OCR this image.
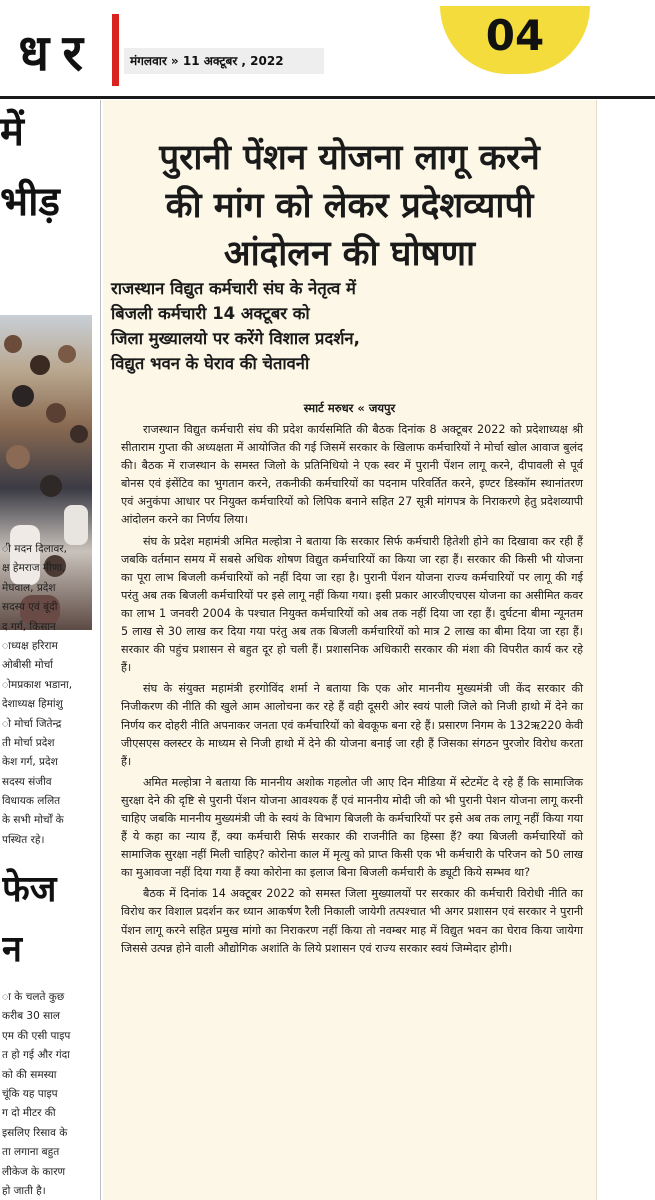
ध र	मंगलवार » 11 अक्टूबर , 2022
04
में
भीड़
ी मदन दिलावर,
क्ष हेमराज मीणा,
मेघवाल, प्रदेश
सदस्य एवं बूंदी
द गर्ग, किसान
ाध्यक्ष हरिराम
ओबीसी मोर्चा
ोमप्रकाश भडाना,
देशाध्यक्ष हिमांशु
ो मोर्चा जितेन्द्र
ती मोर्चा प्रदेश
केश गर्ग, प्रदेश
सदस्य संजीव
विधायक ललित
के सभी मोर्चों के
पस्थित रहे।
फेज
न
ा के चलते कुछ
करीब 30 साल
एम की एसी पाइप
त हो गई और गंदा
को की समस्या
चूंकि यह पाइप
ग दो मीटर की
इसलिए रिसाव के
ता लगाना बहुत
लीकेज के कारण
हो जाती है।
पुरानी पेंशन योजना लागू करने
की मांग को लेकर प्रदेशव्यापी
आंदोलन की घोषणा
राजस्थान विद्युत कर्मचारी संघ के नेतृत्व में
बिजली कर्मचारी 14 अक्टूबर को
जिला मुख्यालयो पर करेंगे विशाल प्रदर्शन,
विद्युत भवन के घेराव की चेतावनी
स्मार्ट मरुधर « जयपुर

राजस्थान विद्युत कर्मचारी संघ की प्रदेश कार्यसमिति की बैठक दिनांक 8 अक्टूबर 2022 को प्रदेशाध्यक्ष श्री सीताराम गुप्ता की अध्यक्षता में आयोजित की गई जिसमें सरकार के खिलाफ कर्मचारियों ने मोर्चा खोल आवाज बुलंद की। बैठक में राजस्थान के समस्त जिलो के प्रतिनिधियो ने एक स्वर में पुरानी पेंशन लागू करने, दीपावली से पूर्व बोनस एवं इंसेंटिव का भुगतान करने, तकनीकी कर्मचारियों का पदनाम परिवर्तित करने, इण्टर डिस्कॉम स्थानांतरण एवं अनुकंपा आधार पर नियुक्त कर्मचारियों को लिपिक बनाने सहित 27 सूत्री मांगपत्र के निराकरणे हेतु प्रदेशव्यापी आंदोलन करने का निर्णय लिया।

संघ के प्रदेश महामंत्री अमित मल्होत्रा ने बताया कि सरकार सिर्फ कर्मचारी हितेशी होने का दिखावा कर रही हैं जबकि वर्तमान समय में सबसे अधिक शोषण विद्युत कर्मचारियों का किया जा रहा हैं। सरकार की किसी भी योजना का पूरा लाभ बिजली कर्मचारियों को नहीं दिया जा रहा है। पुरानी पेंशन योजना राज्य कर्मचारियों पर लागू की गई परंतु अब तक बिजली कर्मचारियों पर इसे लागू नहीं किया गया। इसी प्रकार आरजीएचएस योजना का असीमित कवर का लाभ 1 जनवरी 2004 के पश्चात नियुक्त कर्मचारियों को अब तक नहीं दिया जा रहा हैं। दुर्घटना बीमा न्यूनतम 5 लाख से 30 लाख कर दिया गया परंतु अब तक बिजली कर्मचारियों को मात्र 2 लाख का बीमा दिया जा रहा हैं। सरकार की पहुंच प्रशासन से बहुत दूर हो चली हैं। प्रशासनिक अधिकारी सरकार की मंशा की विपरीत कार्य कर रहे हैं।

संघ के संयुक्त महामंत्री हरगोविंद शर्मा ने बताया कि एक ओर माननीय मुख्यमंत्री जी केंद सरकार की निजीकरण की नीति की खुले आम आलोचना कर रहे हैं वही दूसरी ओर स्वयं पाली जिले को निजी हाथो में देने का निर्णय कर दोहरी नीति अपनाकर जनता एवं कर्मचारियों को बेवकूफ बना रहे हैं। प्रसारण निगम के 132ऋ220 केवी जीएसएस क्लस्टर के माध्यम से निजी हाथो में देने की योजना बनाई जा रही हैं जिसका संगठन पुरजोर विरोध करता हैं।

अमित मल्होत्रा ने बताया कि माननीय अशोक गहलोत जी आए दिन मीडिया में स्टेटमेंट दे रहे हैं कि सामाजिक सुरक्षा देने की दृष्टि से पुरानी पेंशन योजना आवश्यक हैं एवं माननीय मोदी जी को भी पुरानी पेशन योजना लागू करनी चाहिए जबकि माननीय मुख्यमंत्री जी के स्वयं के विभाग बिजली के कर्मचारियों पर इसे अब तक लागू नहीं किया गया हैं ये कहा का न्याय हैं, क्या कर्मचारी सिर्फ सरकार की राजनीति का हिस्सा हैं? क्या बिजली कर्मचारियों को सामाजिक सुरक्षा नहीं मिली चाहिए? कोरोना काल में मृत्यु को प्राप्त किसी एक भी कर्मचारी के परिजन को 50 लाख का मुआवजा नहीं दिया गया हैं क्या कोरोना का इलाज बिना बिजली कर्मचारी के ड्यूटी किये सम्भव था?

बैठक में दिनांक 14 अक्टूबर 2022 को समस्त जिला मुख्यालयों पर सरकार की कर्मचारी विरोधी नीति का विरोध कर विशाल प्रदर्शन कर ध्यान आकर्षण रैली निकाली जायेगी तत्पश्चात भी अगर प्रशासन एवं सरकार ने पुरानी पेंशन लागू करने सहित प्रमुख मांगो का निराकरण नहीं किया तो नवम्बर माह में विद्युत भवन का घेराव किया जायेगा जिससे उत्पन्न होने वाली औद्योगिक अशांति के लिये प्रशासन एवं राज्य सरकार स्वयं जिम्मेदार होगी।
